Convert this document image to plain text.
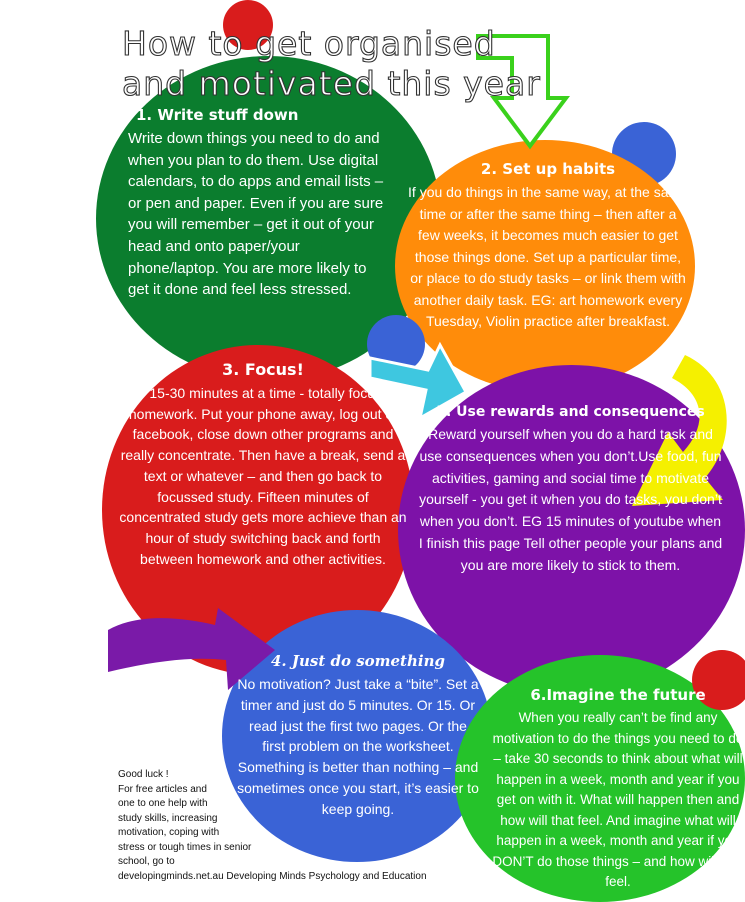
How to get organised
and motivated this year
1. Write stuff down

Write down things you need to do and when you plan to do them. Use digital calendars, to do apps and email lists – or pen and paper. Even if you are sure you will remember – get it out of your head and onto paper/your phone/laptop. You are more likely to get it done and feel less stressed.

2. Set up habits

If you do things in the same way, at the same time or after the same thing – then after a few weeks, it becomes much easier to get those things done. Set up a particular time, or place to do study tasks – or link them with another daily task. EG: art homework every Tuesday, Violin practice after breakfast.

3. Focus!

For 15-30 minutes at a time - totally focus on homework. Put your phone away, log out of facebook, close down other programs and really concentrate. Then have a break, send a text or whatever – and then go back to focussed study. Fifteen minutes of concentrated study gets more achieve than an hour of study switching back and forth between homework and other activities.

5. Use rewards and consequences

Reward yourself when you do a hard task and use consequences when you don’t.Use food, fun activities, gaming and social time to motivate yourself - you get it when you do tasks, you don’t when you don’t. EG 15 minutes of youtube when I finish this page Tell other people your plans and you are more likely to stick to them.

4. Just do something

No motivation? Just take a “bite”. Set a timer and just do 5 minutes. Or 15. Or read just the first two pages. Or the first problem on the worksheet. Something is better than nothing – and sometimes once you start, it’s easier to keep going.

6.Imagine the future

When you really can’t be find any motivation to do the things you need to do – take 30 seconds to think about what will happen in a week, month and year if you get on with it. What will happen then and how will that feel. And imagine what will happen in a week, month and year if you DON’T do those things – and how will that feel.

Good luck !
For free articles and
one to one help with
study skills, increasing
motivation, coping with
stress or tough times in senior
school, go to
developingminds.net.au Developing Minds Psychology and Education
